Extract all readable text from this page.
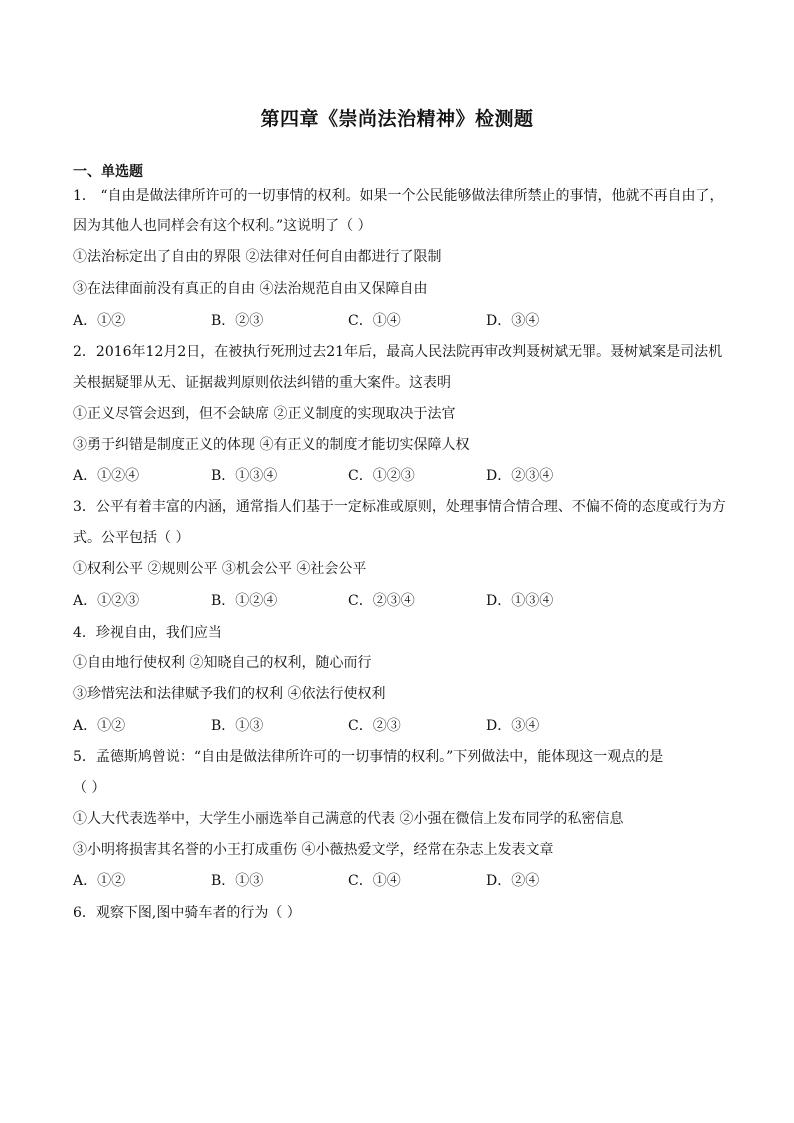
第四章《崇尚法治精神》检测题
一、单选题
1． “自由是做法律所许可的一切事情的权利。如果一个公民能够做法律所禁止的事情，他就不再自由了，
因为其他人也同样会有这个权利。”这说明了（ ）
①法治标定出了自由的界限 ②法律对任何自由都进行了限制
③在法律面前没有真正的自由 ④法治规范自由又保障自由
A．①②	B．②③	C．①④	D．③④
2．2016年12月2日，在被执行死刑过去21年后，最高人民法院再审改判聂树斌无罪。聂树斌案是司法机
关根据疑罪从无、证据裁判原则依法纠错的重大案件。这表明
①正义尽管会迟到，但不会缺席 ②正义制度的实现取决于法官
③勇于纠错是制度正义的体现 ④有正义的制度才能切实保障人权
A．①②④	B．①③④	C．①②③	D．②③④
3．公平有着丰富的内涵，通常指人们基于一定标准或原则，处理事情合情合理、不偏不倚的态度或行为方
式。公平包括（ ）
①权利公平 ②规则公平 ③机会公平 ④社会公平
A．①②③	B．①②④	C．②③④	D．①③④
4．珍视自由，我们应当
①自由地行使权利 ②知晓自己的权利，随心而行
③珍惜宪法和法律赋予我们的权利 ④依法行使权利
A．①②	B．①③	C．②③	D．③④
5．孟德斯鸠曾说：“自由是做法律所许可的一切事情的权利。”下列做法中，能体现这一观点的是
（ ）
①人大代表选举中，大学生小丽选举自己满意的代表 ②小强在微信上发布同学的私密信息
③小明将损害其名誉的小王打成重伤 ④小薇热爱文学，经常在杂志上发表文章
A．①②	B．①③	C．①④	D．②④
6．观察下图,图中骑车者的行为（ ）
